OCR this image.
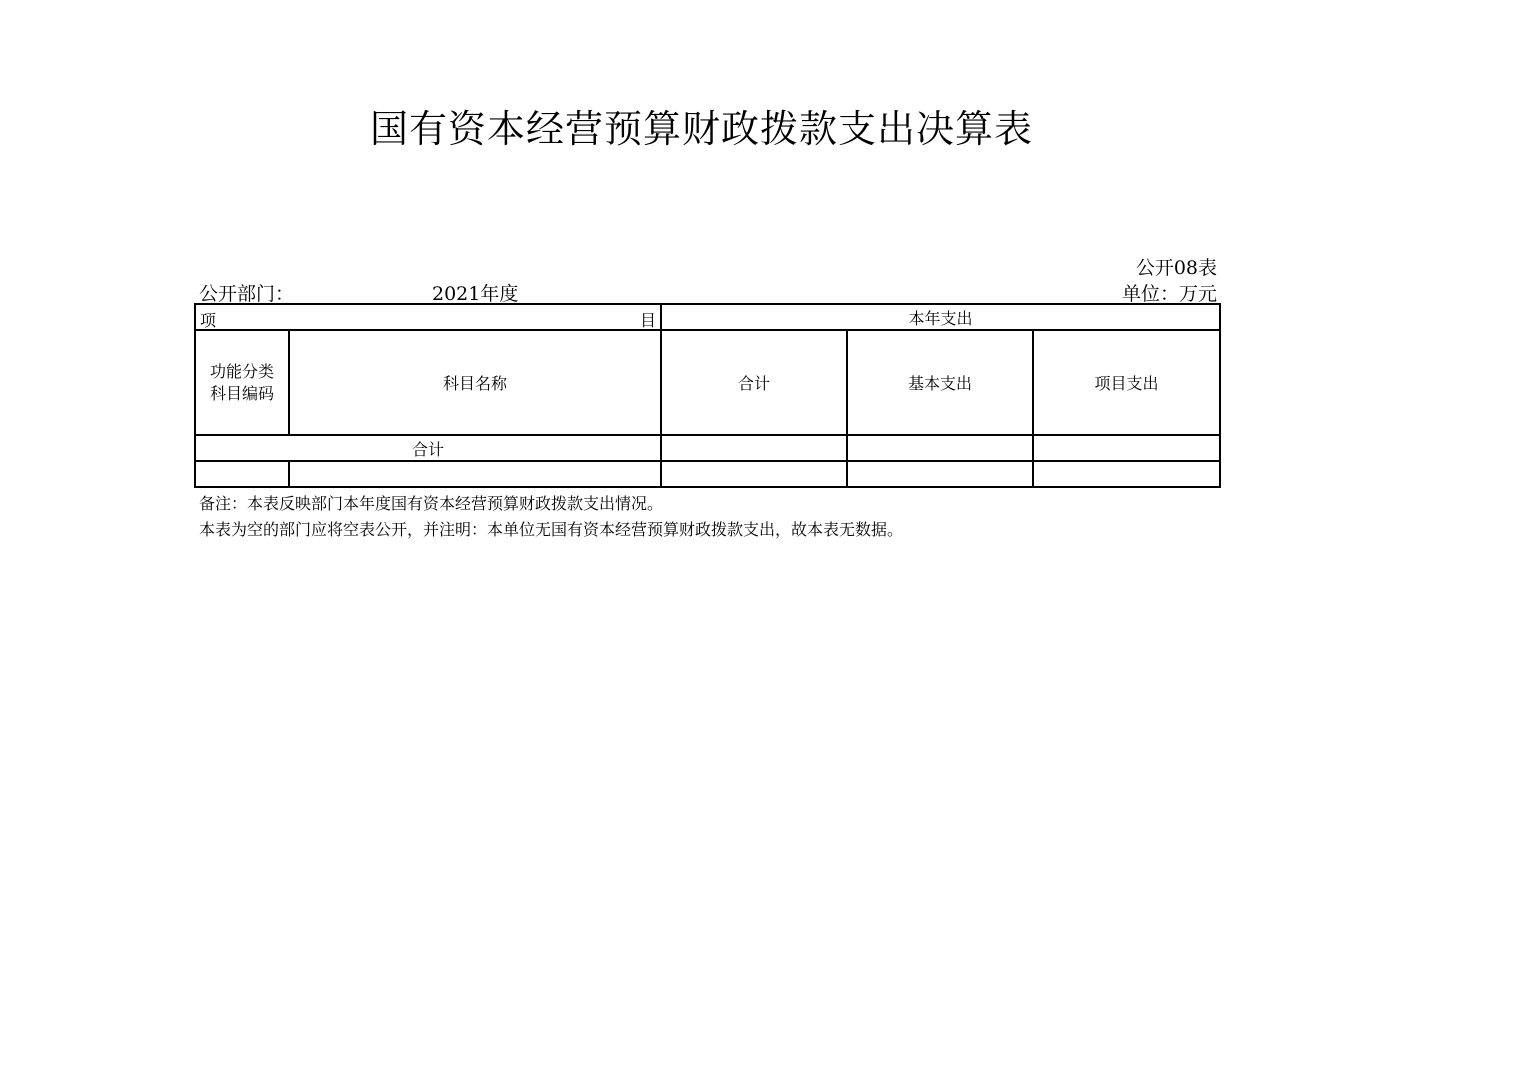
国有资本经营预算财政拨款支出决算表
公开08表
公开部门：	2021年度	单位：万元
项 目		本年支出		

功能分类科目编码	科目名称	合计	基本支出	项目支出
合计				

备注：本表反映部门本年度国有资本经营预算财政拨款支出情况。
本表为空的部门应将空表公开，并注明：本单位无国有资本经营预算财政拨款支出，故本表无数据。
